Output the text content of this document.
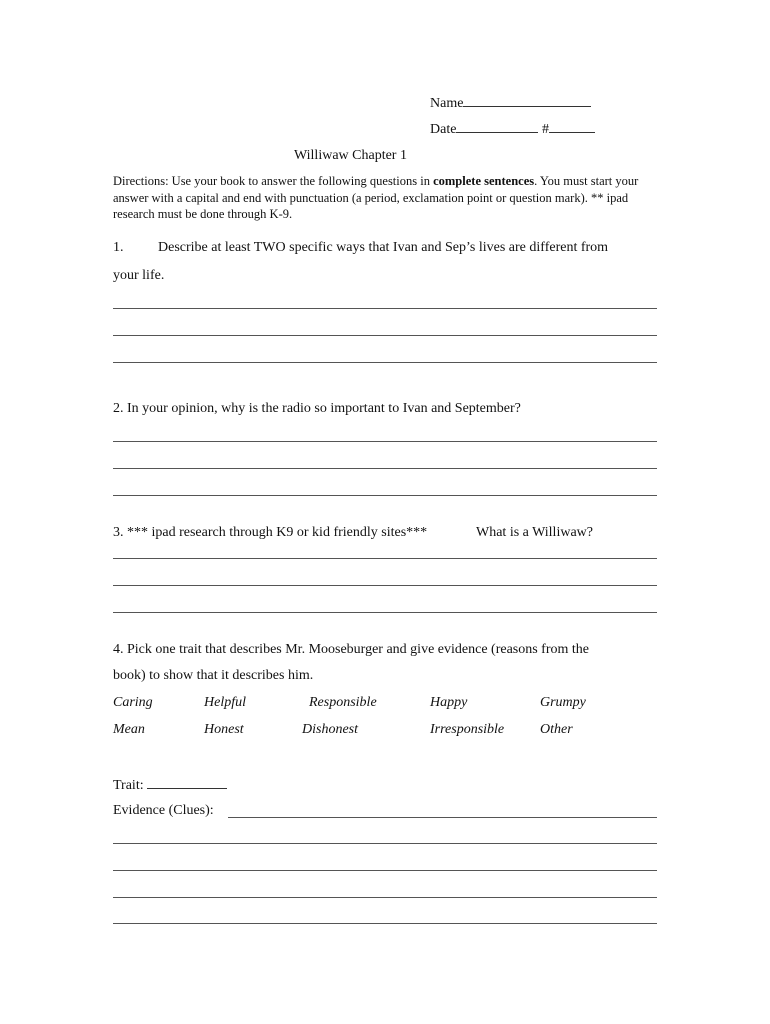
Name
Date	#
Williwaw Chapter 1
Directions: Use your book to answer the following questions in complete sentences. You must start your answer with a capital and end with punctuation (a period, exclamation point or question mark). ** ipad research must be done through K-9.
1. Describe at least TWO specific ways that Ivan and Sep’s lives are different from
your life.
2. In your opinion, why is the radio so important to Ivan and September?
3. *** ipad research through K9 or kid friendly sites***	What is a Williwaw?
4. Pick one trait that describes Mr. Mooseburger and give evidence (reasons from the
book) to show that it describes him.
Caring	Helpful	Responsible	Happy	Grumpy
Mean	Honest	Dishonest	Irresponsible	Other
Trait:
Evidence (Clues):
